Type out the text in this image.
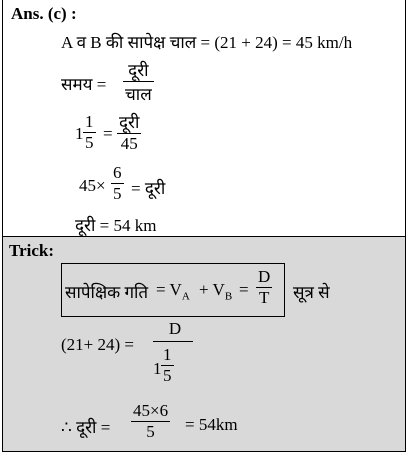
Ans. (c) :
A व B की सापेक्ष चाल = (21 + 24) = 45 km/h
समय =
दूरी
चाल
$1 \frac{1}{5}$ =
दूरी
45
$45\times \frac{6}{5}$ = दूरी
दूरी = 54 km
Trick:
सापेक्षिक गति = $V_A + V_B = \frac{D}{T}$ सूत्र से
(21+ 24) =
D
$1 \frac{1}{5}$
∴ दूरी = $\frac{45\times 6}{5} = 54km$
